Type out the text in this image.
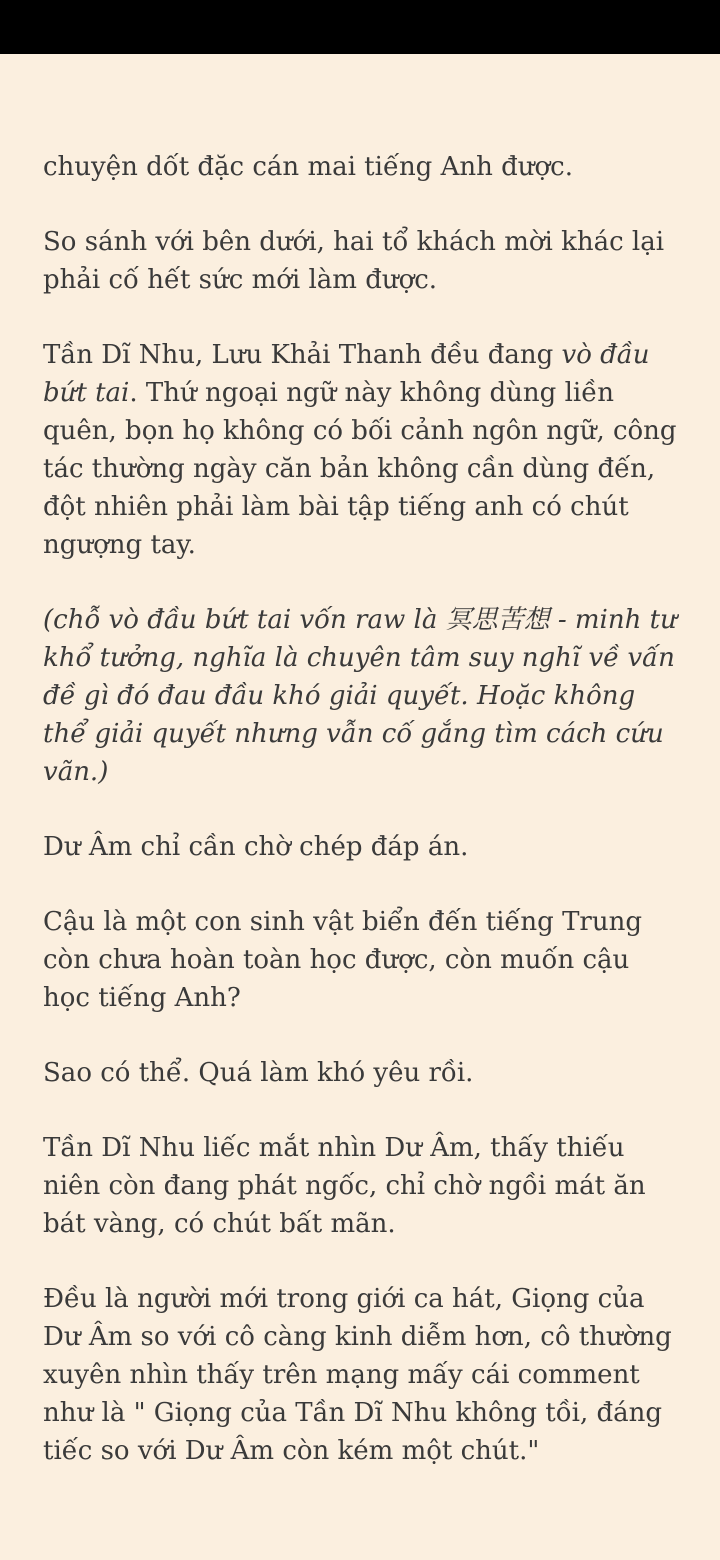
chuyện dốt đặc cán mai tiếng Anh được.

So sánh với bên dưới, hai tổ khách mời khác lại phải cố hết sức mới làm được.

Tần Dĩ Nhu, Lưu Khải Thanh đều đang vò đầu bứt tai. Thứ ngoại ngữ này không dùng liền quên, bọn họ không có bối cảnh ngôn ngữ, công tác thường ngày căn bản không cần dùng đến, đột nhiên phải làm bài tập tiếng anh có chút ngượng tay.

(chỗ vò đầu bứt tai vốn raw là 冥思苦想 - minh tư khổ tưởng, nghĩa là chuyên tâm suy nghĩ về vấn đề gì đó đau đầu khó giải quyết. Hoặc không thể giải quyết nhưng vẫn cố gắng tìm cách cứu vãn.)

Dư Âm chỉ cần chờ chép đáp án.

Cậu là một con sinh vật biển đến tiếng Trung còn chưa hoàn toàn học được, còn muốn cậu học tiếng Anh?

Sao có thể. Quá làm khó yêu rồi.

Tần Dĩ Nhu liếc mắt nhìn Dư Âm, thấy thiếu niên còn đang phát ngốc, chỉ chờ ngồi mát ăn bát vàng, có chút bất mãn.

Đều là người mới trong giới ca hát, Giọng của Dư Âm so với cô càng kinh diễm hơn, cô thường xuyên nhìn thấy trên mạng mấy cái comment như là " Giọng của Tần Dĩ Nhu không tồi, đáng tiếc so với Dư Âm còn kém một chút."
